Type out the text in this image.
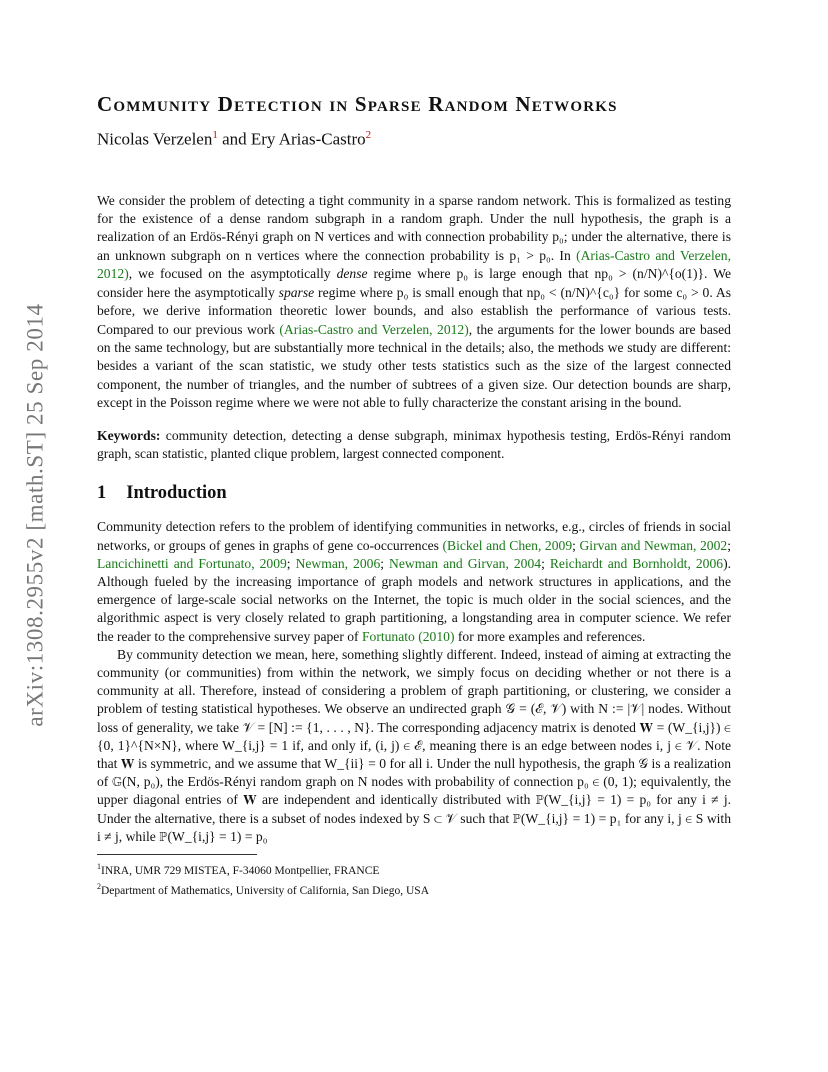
arXiv:1308.2955v2 [math.ST] 25 Sep 2014
Community Detection in Sparse Random Networks
Nicolas Verzelen$^1$ and Ery Arias-Castro$^2$
We consider the problem of detecting a tight community in a sparse random network. This is formalized as testing for the existence of a dense random subgraph in a random graph. Under the null hypothesis, the graph is a realization of an Erdös-Rényi graph on N vertices and with connection probability p₀; under the alternative, there is an unknown subgraph on n vertices where the connection probability is p₁ > p₀. In (Arias-Castro and Verzelen, 2012), we focused on the asymptotically dense regime where p₀ is large enough that np₀ > (n/N)^{o(1)}. We consider here the asymptotically sparse regime where p₀ is small enough that np₀ < (n/N)^{c₀} for some c₀ > 0. As before, we derive information theoretic lower bounds, and also establish the performance of various tests. Compared to our previous work (Arias-Castro and Verzelen, 2012), the arguments for the lower bounds are based on the same technology, but are substantially more technical in the details; also, the methods we study are different: besides a variant of the scan statistic, we study other tests statistics such as the size of the largest connected component, the number of triangles, and the number of subtrees of a given size. Our detection bounds are sharp, except in the Poisson regime where we were not able to fully characterize the constant arising in the bound.
Keywords: community detection, detecting a dense subgraph, minimax hypothesis testing, Erdös-Rényi random graph, scan statistic, planted clique problem, largest connected component.
1 Introduction

Community detection refers to the problem of identifying communities in networks, e.g., circles of friends in social networks, or groups of genes in graphs of gene co-occurrences (Bickel and Chen, 2009; Girvan and Newman, 2002; Lancichinetti and Fortunato, 2009; Newman, 2006; Newman and Girvan, 2004; Reichardt and Bornholdt, 2006). Although fueled by the increasing importance of graph models and network structures in applications, and the emergence of large-scale social networks on the Internet, the topic is much older in the social sciences, and the algorithmic aspect is very closely related to graph partitioning, a longstanding area in computer science. We refer the reader to the comprehensive survey paper of Fortunato (2010) for more examples and references.

By community detection we mean, here, something slightly different. Indeed, instead of aiming at extracting the community (or communities) from within the network, we simply focus on deciding whether or not there is a community at all. Therefore, instead of considering a problem of graph partitioning, or clustering, we consider a problem of testing statistical hypotheses. We observe an undirected graph 𝒢 = (ℰ, 𝒱) with N := |𝒱| nodes. Without loss of generality, we take 𝒱 = [N] := {1, . . . , N}. The corresponding adjacency matrix is denoted 𝐖 = (W_{i,j}) ∈ {0, 1}^{N×N}, where W_{i,j} = 1 if, and only if, (i, j) ∈ ℰ, meaning there is an edge between nodes i, j ∈ 𝒱. Note that 𝐖 is symmetric, and we assume that W_{ii} = 0 for all i. Under the null hypothesis, the graph 𝒢 is a realization of 𝔾(N, p₀), the Erdös-Rényi random graph on N nodes with probability of connection p₀ ∈ (0, 1); equivalently, the upper diagonal entries of 𝐖 are independent and identically distributed with ℙ(W_{i,j} = 1) = p₀ for any i ≠ j. Under the alternative, there is a subset of nodes indexed by S ⊂ 𝒱 such that ℙ(W_{i,j} = 1) = p₁ for any i, j ∈ S with i ≠ j, while ℙ(W_{i,j} = 1) = p₀

$^1$INRA, UMR 729 MISTEA, F-34060 Montpellier, FRANCE
$^2$Department of Mathematics, University of California, San Diego, USA
